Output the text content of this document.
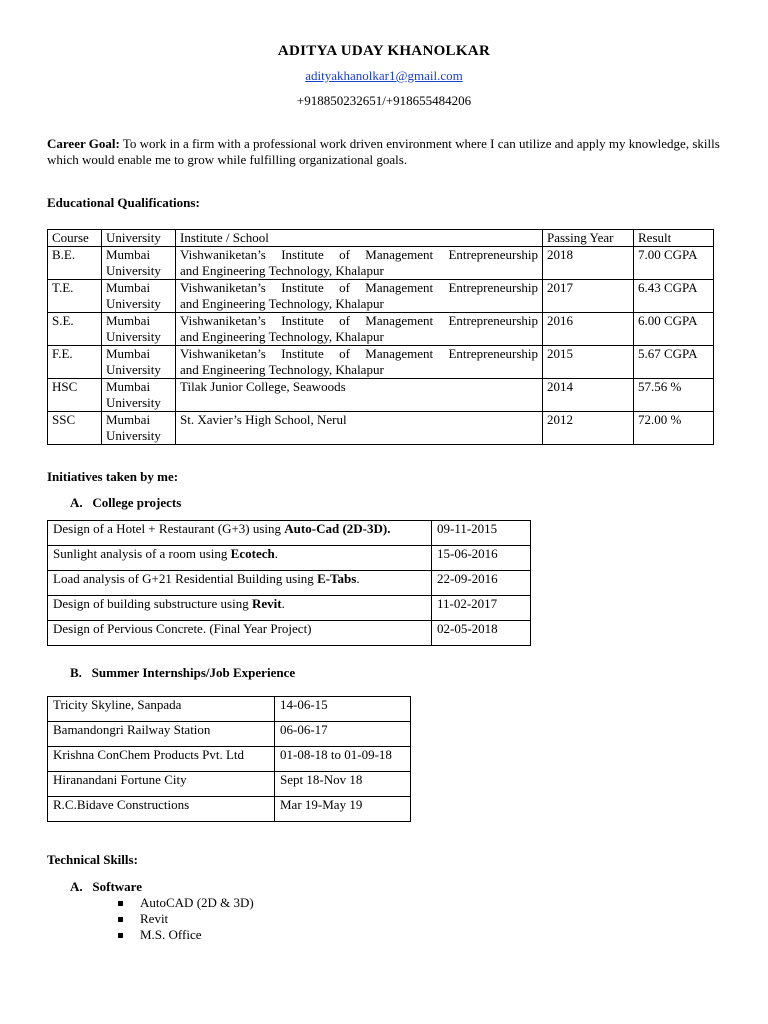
ADITYA UDAY KHANOLKAR
adityakhanolkar1@gmail.com
+918850232651/+918655484206
Career Goal: To work in a firm with a professional work driven environment where I can utilize and apply my knowledge, skills which would enable me to grow while fulfilling organizational goals.
Educational Qualifications:
Course	University	Institute / School	Passing Year	Result
B.E.	Mumbai University	Vishwaniketan’s Institute of Management Entrepreneurship
and Engineering Technology, Khalapur	2018	7.00 CGPA
T.E.	Mumbai University	Vishwaniketan’s Institute of Management Entrepreneurship
and Engineering Technology, Khalapur	2017	6.43 CGPA
S.E.	Mumbai University	Vishwaniketan’s Institute of Management Entrepreneurship
and Engineering Technology, Khalapur	2016	6.00 CGPA
F.E.	Mumbai University	Vishwaniketan’s Institute of Management Entrepreneurship
and Engineering Technology, Khalapur	2015	5.67 CGPA
HSC	Mumbai University	Tilak Junior College, Seawoods	2014	57.56 %
SSC	Mumbai University	St. Xavier’s High School, Nerul	2012	72.00 %
Initiatives taken by me:
A.   College projects
Design of a Hotel + Restaurant (G+3) using Auto-Cad (2D-3D).	09-11-2015
Sunlight analysis of a room using Ecotech.	15-06-2016
Load analysis of G+21 Residential Building using E-Tabs.	22-09-2016
Design of building substructure using Revit.	11-02-2017
Design of Pervious Concrete. (Final Year Project)	02-05-2018
B.   Summer Internships/Job Experience
Tricity Skyline, Sanpada	14-06-15
Bamandongri Railway Station	06-06-17
Krishna ConChem Products Pvt. Ltd	01-08-18 to 01-09-18
Hiranandani Fortune City	Sept 18-Nov 18
R.C.Bidave Constructions	Mar 19-May 19
Technical Skills:
A.   Software
AutoCAD (2D & 3D)
Revit
M.S. Office
